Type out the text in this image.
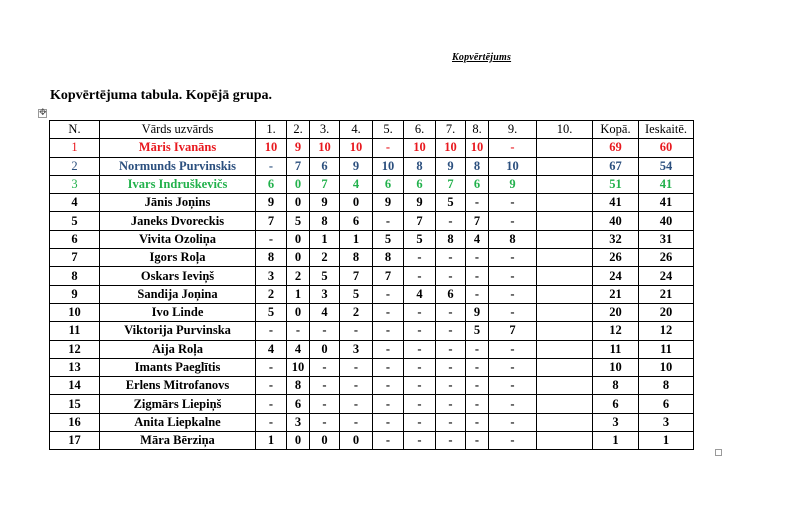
Kopvērtējums
Kopvērtējuma tabula. Kopējā grupa.
✥
N.	Vārds uzvārds	1.	2.	3.	4.	5.	6.	7.	8.	9.	10.	Kopā.	Ieskaitē.
1	Māris Ivanāns	10	9	10	10	-	10	10	10	-		69	60
2	Normunds Purvinskis	-	7	6	9	10	8	9	8	10		67	54
3	Ivars Indruškevičs	6	0	7	4	6	6	7	6	9		51	41
4	Jānis Joņins	9	0	9	0	9	9	5	-	-		41	41
5	Janeks Dvoreckis	7	5	8	6	-	7	-	7	-		40	40
6	Vivita Ozoliņa	-	0	1	1	5	5	8	4	8		32	31
7	Igors Roļa	8	0	2	8	8	-	-	-	-		26	26
8	Oskars Ieviņš	3	2	5	7	7	-	-	-	-		24	24
9	Sandija Joņina	2	1	3	5	-	4	6	-	-		21	21
10	Ivo Linde	5	0	4	2	-	-	-	9	-		20	20
11	Viktorija Purvinska	-	-	-	-	-	-	-	5	7		12	12
12	Aija Roļa	4	4	0	3	-	-	-	-	-		11	11
13	Imants Paeglītis	-	10	-	-	-	-	-	-	-		10	10
14	Erlens Mitrofanovs	-	8	-	-	-	-	-	-	-		8	8
15	Zigmārs Liepiņš	-	6	-	-	-	-	-	-	-		6	6
16	Anita Liepkalne	-	3	-	-	-	-	-	-	-		3	3
17	Māra Bērziņa	1	0	0	0	-	-	-	-	-		1	1
